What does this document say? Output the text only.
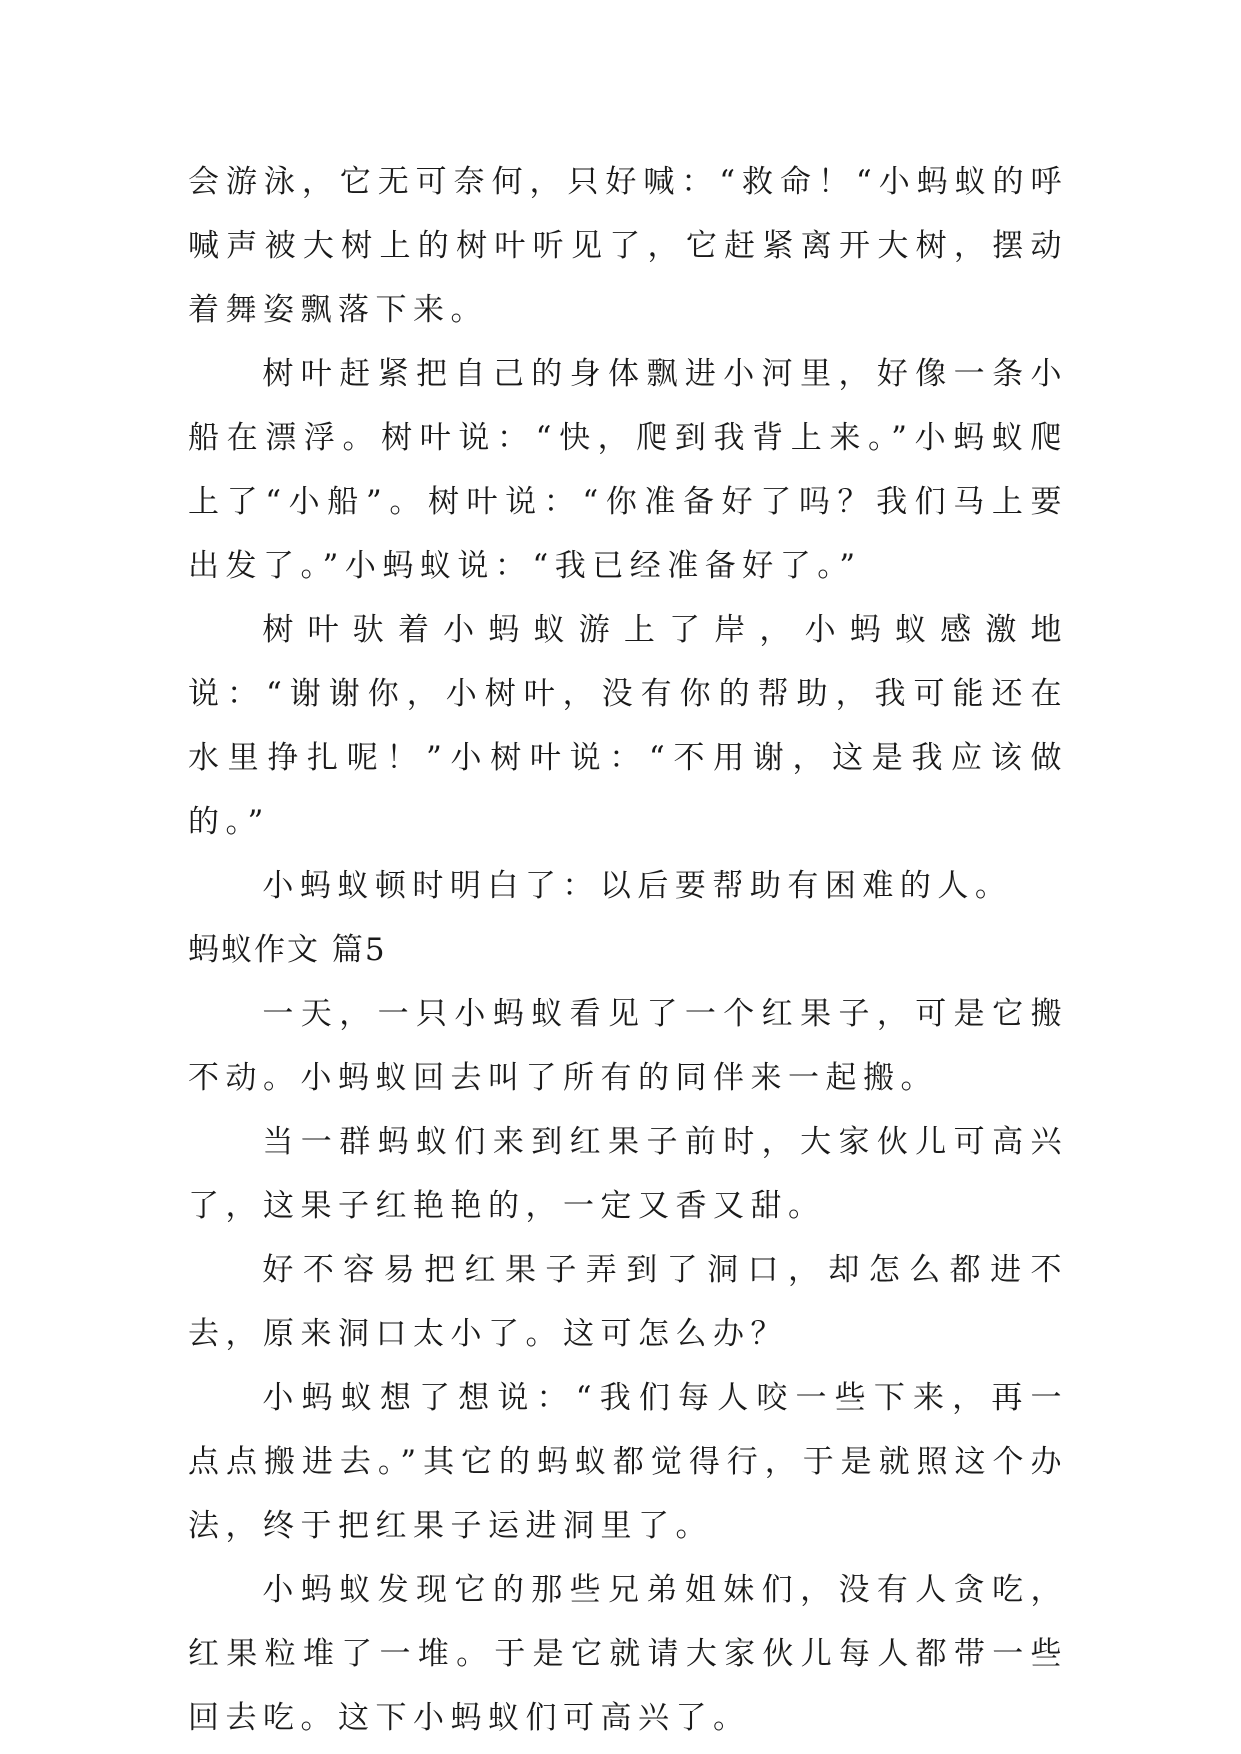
会游泳，它无可奈何，只好喊：“救命！“小蚂蚁的呼喊声被大树上的树叶听见了，它赶紧离开大树，摆动着舞姿飘落下来。

树叶赶紧把自己的身体飘进小河里，好像一条小船在漂浮。树叶说：“快，爬到我背上来。”小蚂蚁爬上了“小船”。树叶说：“你准备好了吗？我们马上要出发了。”小蚂蚁说：“我已经准备好了。”

树叶驮着小蚂蚁游上了岸，小蚂蚁感激地说：“谢谢你，小树叶，没有你的帮助，我可能还在水里挣扎呢！”小树叶说：“不用谢，这是我应该做的。”

小蚂蚁顿时明白了：以后要帮助有困难的人。

蚂蚁作文 篇5

一天，一只小蚂蚁看见了一个红果子，可是它搬不动。小蚂蚁回去叫了所有的同伴来一起搬。

当一群蚂蚁们来到红果子前时，大家伙儿可高兴了，这果子红艳艳的，一定又香又甜。

好不容易把红果子弄到了洞口，却怎么都进不去，原来洞口太小了。这可怎么办？

小蚂蚁想了想说：“我们每人咬一些下来，再一点点搬进去。”其它的蚂蚁都觉得行，于是就照这个办法，终于把红果子运进洞里了。

小蚂蚁发现它的那些兄弟姐妹们，没有人贪吃，红果粒堆了一堆。于是它就请大家伙儿每人都带一些回去吃。这下小蚂蚁们可高兴了。
